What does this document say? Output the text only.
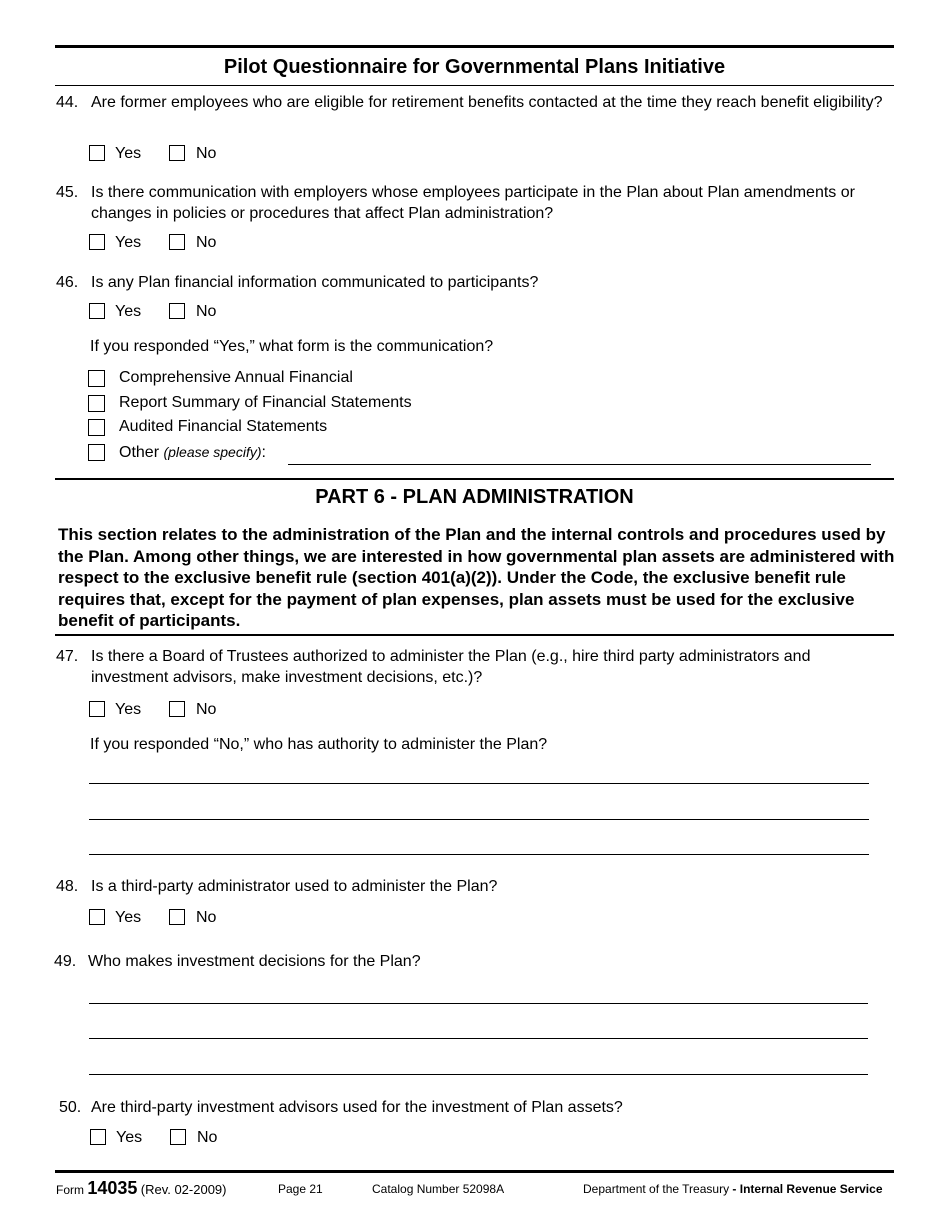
Pilot Questionnaire for Governmental Plans Initiative
44. Are former employees who are eligible for retirement benefits contacted at the time they reach benefit eligibility?
Yes	No
45. Is there communication with employers whose employees participate in the Plan about Plan amendments or changes in policies or procedures that affect Plan administration?
Yes	No
46. Is any Plan financial information communicated to participants?
Yes	No
If you responded “Yes,” what form is the communication?
Comprehensive Annual Financial
Report Summary of Financial Statements
Audited Financial Statements
Other (please specify):
PART 6 - PLAN ADMINISTRATION
This section relates to the administration of the Plan and the internal controls and procedures used by the Plan. Among other things, we are interested in how governmental plan assets are administered with respect to the exclusive benefit rule (section 401(a)(2)). Under the Code, the exclusive benefit rule requires that, except for the payment of plan expenses, plan assets must be used for the exclusive benefit of participants.
47. Is there a Board of Trustees authorized to administer the Plan (e.g., hire third party administrators and investment advisors, make investment decisions, etc.)?
Yes	No
If you responded “No,” who has authority to administer the Plan?
48. Is a third-party administrator used to administer the Plan?
Yes	No
49. Who makes investment decisions for the Plan?
50. Are third-party investment advisors used for the investment of Plan assets?
Yes	No
Form 14035 (Rev. 02-2009)	Page 21	Catalog Number 52098A	Department of the Treasury - Internal Revenue Service
